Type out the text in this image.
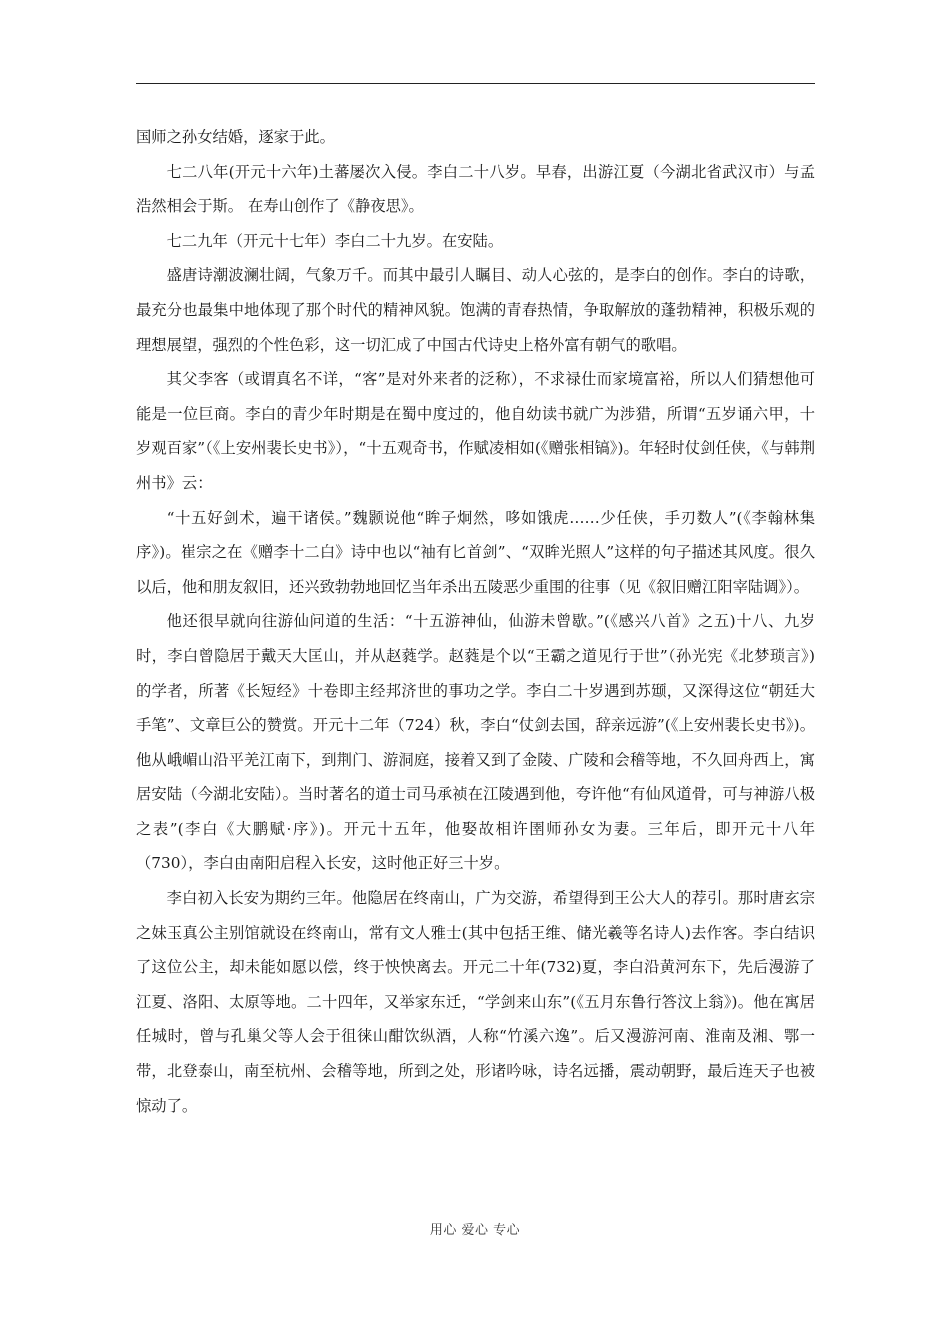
国师之孙女结婚，逐家于此。

七二八年(开元十六年)土蕃屡次入侵。李白二十八岁。早春，出游江夏（今湖北省武汉市）与孟浩然相会于斯。 在寿山创作了《静夜思》。

七二九年（开元十七年）李白二十九岁。在安陆。

盛唐诗潮波澜壮阔，气象万千。而其中最引人瞩目、动人心弦的，是李白的创作。李白的诗歌，最充分也最集中地体现了那个时代的精神风貌。饱满的青春热情，争取解放的蓬勃精神，积极乐观的理想展望，强烈的个性色彩，这一切汇成了中国古代诗史上格外富有朝气的歌唱。

其父李客（或谓真名不详，“客”是对外来者的泛称），不求禄仕而家境富裕，所以人们猜想他可能是一位巨商。李白的青少年时期是在蜀中度过的，他自幼读书就广为涉猎，所谓“五岁诵六甲，十岁观百家”（《上安州裴长史书》），“十五观奇书，作赋凌相如(《赠张相镐》)。年轻时仗剑任侠，《与韩荆州书》云：

“十五好剑术，遍干诸侯。”魏颢说他“眸子炯然，哆如饿虎……少任侠，手刃数人”(《李翰林集序》)。崔宗之在《赠李十二白》诗中也以“袖有匕首剑”、“双眸光照人”这样的句子描述其风度。很久以后，他和朋友叙旧，还兴致勃勃地回忆当年杀出五陵恶少重围的往事（见《叙旧赠江阳宰陆调》）。

他还很早就向往游仙问道的生活：“十五游神仙，仙游未曾歇。”(《感兴八首》之五)十八、九岁时，李白曾隐居于戴天大匡山，并从赵蕤学。赵蕤是个以“王霸之道见行于世”（孙光宪《北梦琐言》)的学者，所著《长短经》十卷即主经邦济世的事功之学。李白二十岁遇到苏颋，又深得这位“朝廷大手笔”、文章巨公的赞赏。开元十二年（724）秋，李白“仗剑去国，辞亲远游”(《上安州裴长史书》)。他从峨嵋山沿平羌江南下，到荆门、游洞庭，接着又到了金陵、广陵和会稽等地，不久回舟西上，寓居安陆（今湖北安陆）。当时著名的道士司马承祯在江陵遇到他，夸许他“有仙风道骨，可与神游八极之表”(李白《大鹏赋·序》)。开元十五年，他娶故相许圉师孙女为妻。三年后，即开元十八年（730），李白由南阳启程入长安，这时他正好三十岁。

李白初入长安为期约三年。他隐居在终南山，广为交游，希望得到王公大人的荐引。那时唐玄宗之妹玉真公主别馆就设在终南山，常有文人雅士(其中包括王维、储光羲等名诗人)去作客。李白结识了这位公主，却未能如愿以偿，终于怏怏离去。开元二十年(732)夏，李白沿黄河东下，先后漫游了江夏、洛阳、太原等地。二十四年，又举家东迁，“学剑来山东”(《五月东鲁行答汶上翁》)。他在寓居任城时，曾与孔巢父等人会于徂徕山酣饮纵酒，人称“竹溪六逸”。后又漫游河南、淮南及湘、鄂一带，北登泰山，南至杭州、会稽等地，所到之处，形诸吟咏，诗名远播，震动朝野，最后连天子也被惊动了。

用心 爱心 专心
